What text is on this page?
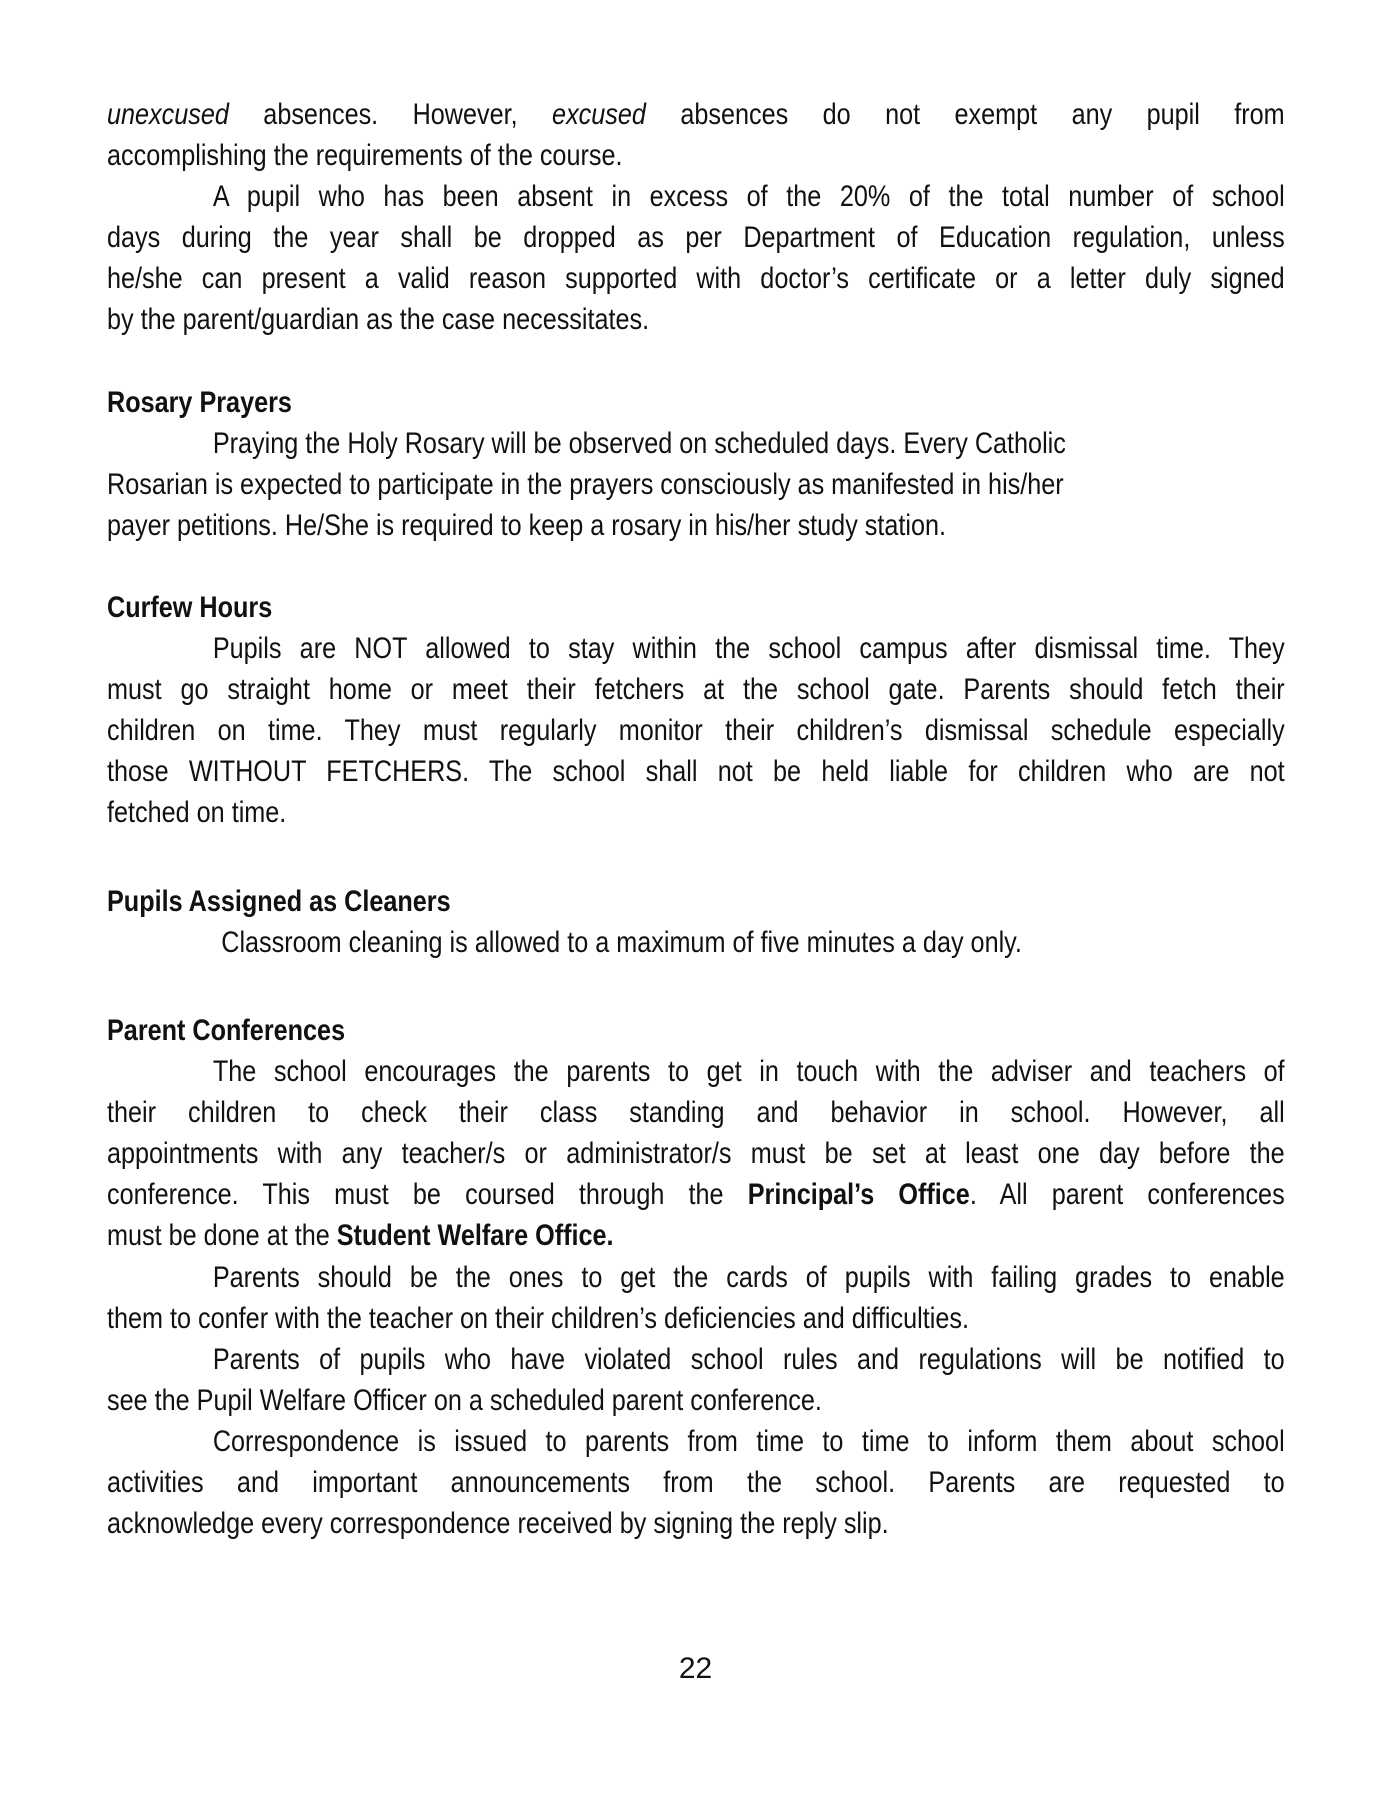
unexcused absences. However, excused absences do not exempt any pupil from
accomplishing the requirements of the course.
A pupil who has been absent in excess of the 20% of the total number of school
days during the year shall be dropped as per Department of Education regulation, unless
he/she can present a valid reason supported with doctor’s certificate or a letter duly signed
by the parent/guardian as the case necessitates.
Rosary Prayers
Praying the Holy Rosary will be observed on scheduled days. Every Catholic
Rosarian is expected to participate in the prayers consciously as manifested in his/her
payer petitions. He/She is required to keep a rosary in his/her study station.
Curfew Hours
Pupils are NOT allowed to stay within the school campus after dismissal time. They
must go straight home or meet their fetchers at the school gate. Parents should fetch their
children on time. They must regularly monitor their children’s dismissal schedule especially
those WITHOUT FETCHERS. The school shall not be held liable for children who are not
fetched on time.
Pupils Assigned as Cleaners
Classroom cleaning is allowed to a maximum of five minutes a day only.
Parent Conferences
The school encourages the parents to get in touch with the adviser and teachers of
their children to check their class standing and behavior in school. However, all
appointments with any teacher/s or administrator/s must be set at least one day before the
conference. This must be coursed through the Principal’s Office. All parent conferences
must be done at the Student Welfare Office.
Parents should be the ones to get the cards of pupils with failing grades to enable
them to confer with the teacher on their children’s deficiencies and difficulties.
Parents of pupils who have violated school rules and regulations will be notified to
see the Pupil Welfare Officer on a scheduled parent conference.
Correspondence is issued to parents from time to time to inform them about school
activities and important announcements from the school. Parents are requested to
acknowledge every correspondence received by signing the reply slip.
22
